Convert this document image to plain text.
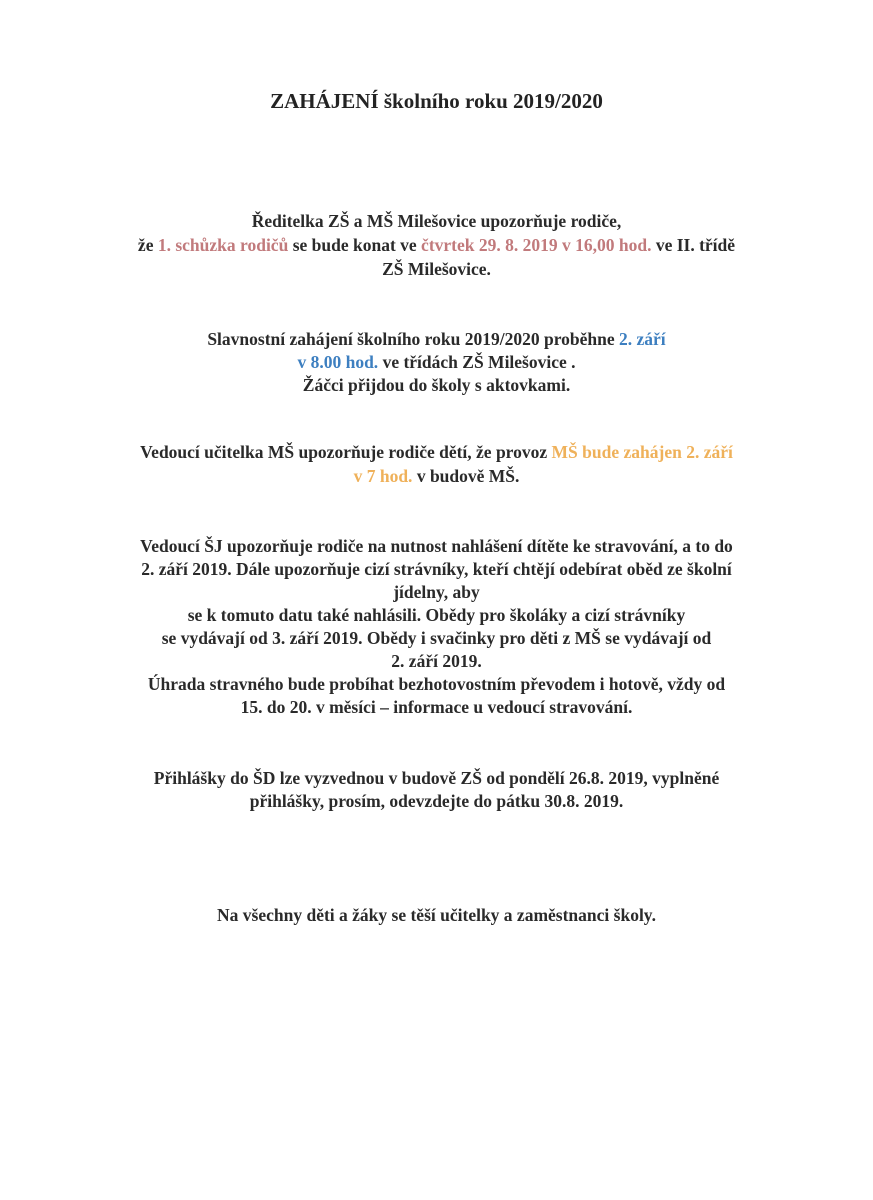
ZAHÁJENÍ školního roku 2019/2020
Ředitelka ZŠ a MŠ Milešovice upozorňuje rodiče,
že 1. schůzka rodičů se bude konat ve čtvrtek 29. 8. 2019 v 16,00 hod. ve II. třídě
ZŠ Milešovice.
Slavnostní zahájení školního roku 2019/2020 proběhne 2. září
v 8.00 hod. ve třídách ZŠ Milešovice .
Žáčci přijdou do školy s aktovkami.
Vedoucí učitelka MŠ upozorňuje rodiče dětí, že provoz MŠ bude zahájen 2. září
v 7 hod. v budově MŠ.
Vedoucí ŠJ upozorňuje rodiče na nutnost nahlášení dítěte ke stravování, a to do
2. září 2019. Dále upozorňuje cizí strávníky, kteří chtějí odebírat oběd ze školní
jídelny, aby
se k tomuto datu také nahlásili. Obědy pro školáky a cizí strávníky
se vydávají od 3. září 2019. Obědy i svačinky pro děti z MŠ se vydávají od
2. září 2019.
Úhrada stravného bude probíhat bezhotovostním převodem i hotově, vždy od
15. do 20. v měsíci – informace u vedoucí stravování.
Přihlášky do ŠD lze vyzvednou v budově ZŠ od pondělí 26.8. 2019, vyplněné
přihlášky, prosím, odevzdejte do pátku 30.8. 2019.
Na všechny děti a žáky se těší učitelky a zaměstnanci školy.
